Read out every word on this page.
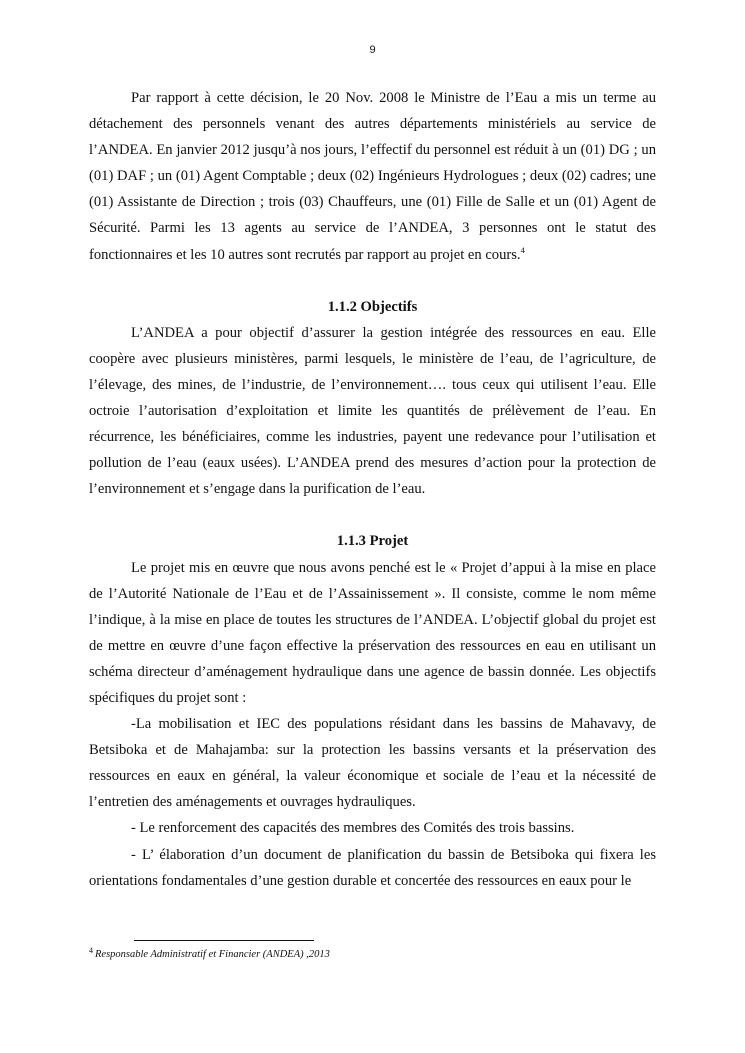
9

Par rapport à cette décision, le 20 Nov. 2008 le Ministre de l’Eau a mis un terme au détachement des personnels venant des autres départements ministériels au service de l’ANDEA. En janvier 2012 jusqu’à nos jours, l’effectif du personnel est réduit à un (01) DG ; un (01) DAF ; un (01) Agent Comptable ; deux (02) Ingénieurs Hydrologues ; deux (02) cadres; une (01) Assistante de Direction ; trois (03) Chauffeurs, une (01) Fille de Salle et un (01) Agent de Sécurité. Parmi les 13 agents au service de l’ANDEA, 3 personnes ont le statut des fonctionnaires et les 10 autres sont recrutés par rapport au projet en cours.$^4$

1.1.2 Objectifs

L’ANDEA a pour objectif d’assurer la gestion intégrée des ressources en eau. Elle coopère avec plusieurs ministères, parmi lesquels, le ministère de l’eau, de l’agriculture, de l’élevage, des mines, de l’industrie, de l’environnement…. tous ceux qui utilisent l’eau. Elle octroie l’autorisation d’exploitation et limite les quantités de prélèvement de l’eau. En récurrence, les bénéficiaires, comme les industries, payent une redevance pour l’utilisation et pollution de l’eau (eaux usées). L’ANDEA prend des mesures d’action pour la protection de l’environnement et s’engage dans la purification de l’eau.

1.1.3 Projet

Le projet mis en œuvre que nous avons penché est le « Projet d’appui à la mise en place de l’Autorité Nationale de l’Eau et de l’Assainissement ». Il consiste, comme le nom même l’indique, à la mise en place de toutes les structures de l’ANDEA. L’objectif global du projet est de mettre en œuvre d’une façon effective la préservation des ressources en eau en utilisant un schéma directeur d’aménagement hydraulique dans une agence de bassin donnée. Les objectifs spécifiques du projet sont :

-La mobilisation et IEC des populations résidant dans les bassins de Mahavavy, de Betsiboka et de Mahajamba: sur la protection les bassins versants et la préservation des ressources en eaux en général, la valeur économique et sociale de l’eau et la nécessité de l’entretien des aménagements et ouvrages hydrauliques.

- Le renforcement des capacités des membres des Comités des trois bassins.

- L’ élaboration d’un document de planification du bassin de Betsiboka qui fixera les orientations fondamentales d’une gestion durable et concertée des ressources en eaux pour le

$^4$ Responsable Administratif et Financier (ANDEA) ,2013
